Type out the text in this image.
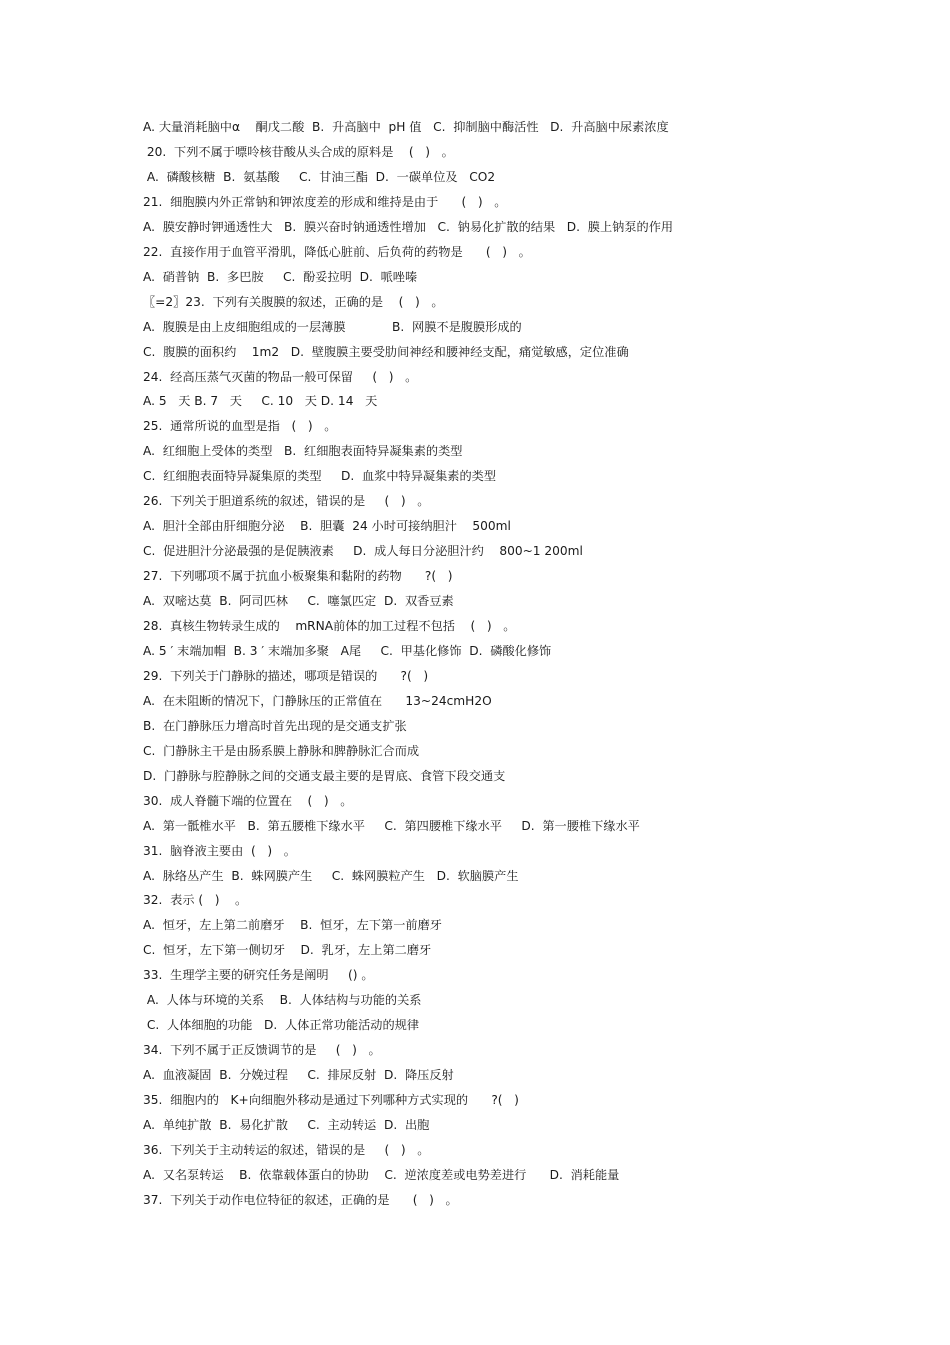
A. 大量消耗脑中α    酮戊二酸  B.  升高脑中  pH 值   C.  抑制脑中酶活性   D.  升高脑中尿素浓度
20.  下列不属于嘌呤核苷酸从头合成的原料是    (   )   。
A.  磷酸核糖  B.  氨基酸     C.  甘油三酯  D.  一碳单位及   CO2
21.  细胞膜内外正常钠和钾浓度差的形成和维持是由于      (   )   。
A.  膜安静时钾通透性大   B.  膜兴奋时钠通透性增加   C.  钠易化扩散的结果   D.  膜上钠泵的作用
22.  直接作用于血管平滑肌，降低心脏前、后负荷的药物是      (   )   。
A.  硝普钠  B.  多巴胺     C.  酚妥拉明  D.  哌唑嗪
〖=2〗23.  下列有关腹膜的叙述，正确的是    (   )   。
A.  腹膜是由上皮细胞组成的一层薄膜            B.  网膜不是腹膜形成的
C.  腹膜的面积约    1m2   D.  壁腹膜主要受肋间神经和腰神经支配，痛觉敏感，定位准确
24.  经高压蒸气灭菌的物品一般可保留     (   )   。
A. 5   天 B. 7   天     C. 10   天 D. 14   天
25.  通常所说的血型是指   (   )   。
A.  红细胞上受体的类型   B.  红细胞表面特异凝集素的类型
C.  红细胞表面特异凝集原的类型     D.  血浆中特异凝集素的类型
26.  下列关于胆道系统的叙述，错误的是     (   )   。
A.  胆汁全部由肝细胞分泌    B.  胆囊  24 小时可接纳胆汁    500ml
C.  促进胆汁分泌最强的是促胰液素     D.  成人每日分泌胆汁约    800~1 200ml
27.  下列哪项不属于抗血小板聚集和黏附的药物      ?(   )
A.  双嘧达莫  B.  阿司匹林     C.  噻氯匹定  D.  双香豆素
28.  真核生物转录生成的    mRNA前体的加工过程不包括    (   )   。
A. 5 ′ 末端加帽  B. 3 ′ 末端加多聚   A尾     C.  甲基化修饰  D.  磷酸化修饰
29.  下列关于门静脉的描述，哪项是错误的      ?(   )
A.  在未阻断的情况下，门静脉压的正常值在      13~24cmH2O
B.  在门静脉压力增高时首先出现的是交通支扩张
C.  门静脉主干是由肠系膜上静脉和脾静脉汇合而成
D.  门静脉与腔静脉之间的交通支最主要的是胃底、食管下段交通支
30.  成人脊髓下端的位置在    (   )   。
A.  第一骶椎水平   B.  第五腰椎下缘水平     C.  第四腰椎下缘水平     D.  第一腰椎下缘水平
31.  脑脊液主要由  (   )   。
A.  脉络丛产生  B.  蛛网膜产生     C.  蛛网膜粒产生   D.  软脑膜产生
32.  表示 (   )    。
A.  恒牙，左上第二前磨牙    B.  恒牙，左下第一前磨牙
C.  恒牙，左下第一侧切牙    D.  乳牙，左上第二磨牙
33.  生理学主要的研究任务是阐明     () 。
A.  人体与环境的关系    B.  人体结构与功能的关系
C.  人体细胞的功能   D.  人体正常功能活动的规律
34.  下列不属于正反馈调节的是     (   )   。
A.  血液凝固  B.  分娩过程     C.  排尿反射  D.  降压反射
35.  细胞内的   K+向细胞外移动是通过下列哪种方式实现的      ?(   )
A.  单纯扩散  B.  易化扩散     C.  主动转运  D.  出胞
36.  下列关于主动转运的叙述，错误的是     (   )   。
A.  又名泵转运    B.  依靠载体蛋白的协助    C.  逆浓度差或电势差进行      D.  消耗能量
37.  下列关于动作电位特征的叙述，正确的是      (   )   。
